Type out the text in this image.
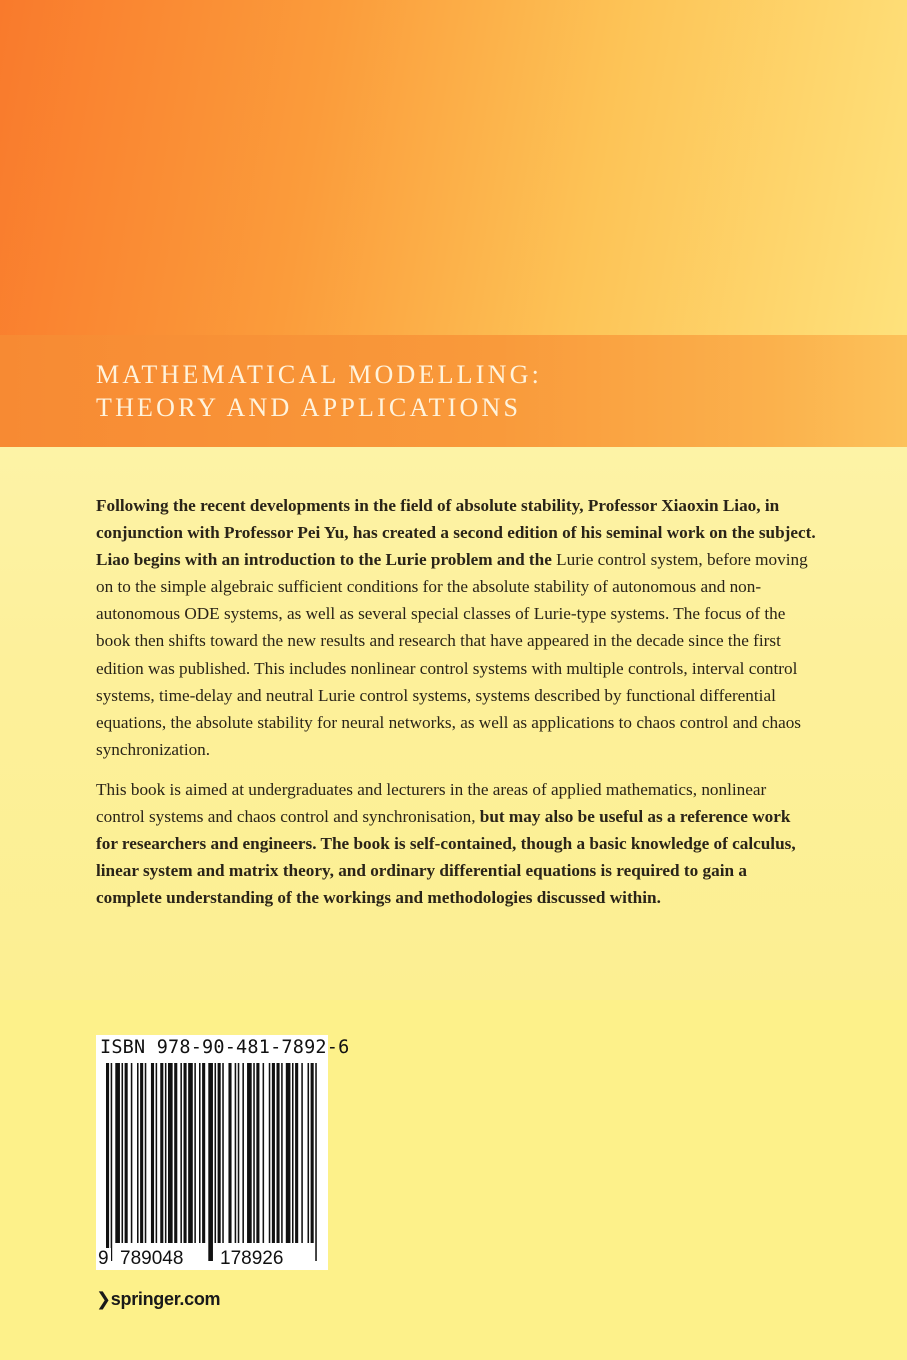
MATHEMATICAL MODELLING:
THEORY AND APPLICATIONS

Following the recent developments in the field of absolute stability, Professor Xiaoxin Liao, in conjunction with Professor Pei Yu, has created a second edition of his seminal work on the subject. Liao begins with an introduction to the Lurie problem and the Lurie control system, before moving on to the simple algebraic sufficient conditions for the absolute stability of autonomous and non-autonomous ODE systems, as well as several special classes of Lurie-type systems. The focus of the book then shifts toward the new results and research that have appeared in the decade since the first edition was published. This includes nonlinear control systems with multiple controls, interval control systems, time-delay and neutral Lurie control systems, systems described by functional differential equations, the absolute stability for neural networks, as well as applications to chaos control and chaos synchronization.

This book is aimed at undergraduates and lecturers in the areas of applied mathematics, nonlinear control systems and chaos control and synchronisation, but may also be useful as a reference work for researchers and engineers. The book is self-contained, though a basic knowledge of calculus, linear system and matrix theory, and ordinary differential equations is required to gain a complete understanding of the workings and methodologies discussed within.

ISBN 978-90-481-7892-6
9 789048 178926
❯springer.com
